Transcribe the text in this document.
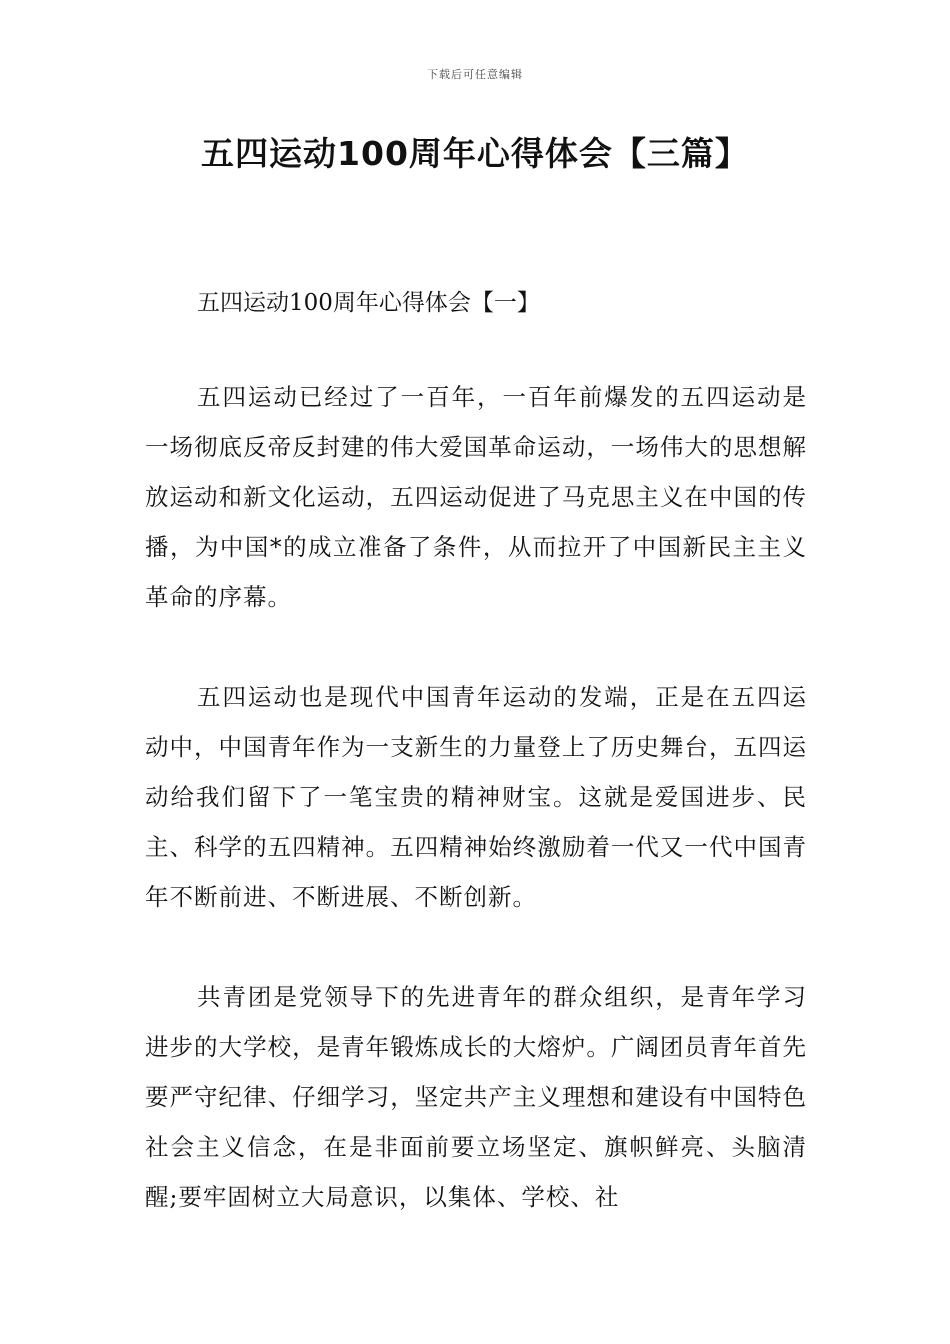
下载后可任意编辑
五四运动100周年心得体会【三篇】
五四运动100周年心得体会【一】

五四运动已经过了一百年，一百年前爆发的五四运动是一场彻底反帝反封建的伟大爱国革命运动，一场伟大的思想解放运动和新文化运动，五四运动促进了马克思主义在中国的传播，为中国*的成立准备了条件，从而拉开了中国新民主主义革命的序幕。

五四运动也是现代中国青年运动的发端，正是在五四运动中，中国青年作为一支新生的力量登上了历史舞台，五四运动给我们留下了一笔宝贵的精神财宝。这就是爱国进步、民主、科学的五四精神。五四精神始终激励着一代又一代中国青年不断前进、不断进展、不断创新。

共青团是党领导下的先进青年的群众组织，是青年学习进步的大学校，是青年锻炼成长的大熔炉。广阔团员青年首先要严守纪律、仔细学习，坚定共产主义理想和建设有中国特色社会主义信念，在是非面前要立场坚定、旗帜鲜亮、头脑清醒;要牢固树立大局意识，以集体、学校、社
